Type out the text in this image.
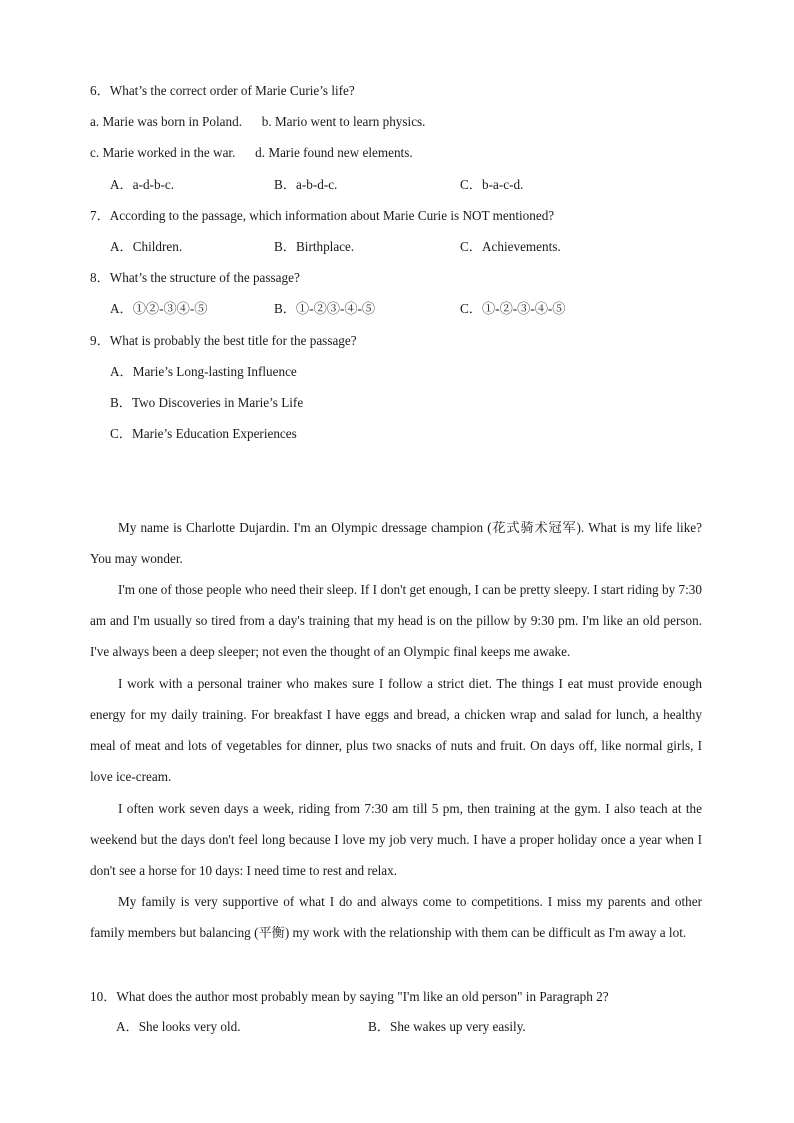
6．What’s the correct order of Marie Curie’s life?
a. Marie was born in Poland.      b. Mario went to learn physics.
c. Marie worked in the war.      d. Marie found new elements.
A．a-d-b-c.	B．a-b-d-c.	C．b-a-c-d.
7．According to the passage, which information about Marie Curie is NOT mentioned?
A．Children.	B．Birthplace.	C．Achievements.
8．What’s the structure of the passage?
A．①②-③④-⑤	B．①-②③-④-⑤	C．①-②-③-④-⑤
9．What is probably the best title for the passage?
A．Marie’s Long-lasting Influence
B．Two Discoveries in Marie’s Life
C．Marie’s Education Experiences
My name is Charlotte Dujardin. I'm an Olympic dressage champion (花式骑术冠军). What is my life like? You may wonder.
I'm one of those people who need their sleep. If I don't get enough, I can be pretty sleepy. I start riding by 7:30 am and I'm usually so tired from a day's training that my head is on the pillow by 9:30 pm. I'm like an old person. I've always been a deep sleeper; not even the thought of an Olympic final keeps me awake.
I work with a personal trainer who makes sure I follow a strict diet. The things I eat must provide enough energy for my daily training. For breakfast I have eggs and bread, a chicken wrap and salad for lunch, a healthy meal of meat and lots of vegetables for dinner, plus two snacks of nuts and fruit. On days off, like normal girls, I love ice-cream.
I often work seven days a week, riding from 7:30 am till 5 pm, then training at the gym. I also teach at the weekend but the days don't feel long because I love my job very much. I have a proper holiday once a year when I don't see a horse for 10 days: I need time to rest and relax.
My family is very supportive of what I do and always come to competitions. I miss my parents and other family members but balancing (平衡) my work with the relationship with them can be difficult as I'm away a lot.
10．What does the author most probably mean by saying "I'm like an old person" in Paragraph 2?
A．She looks very old.	B．She wakes up very easily.
